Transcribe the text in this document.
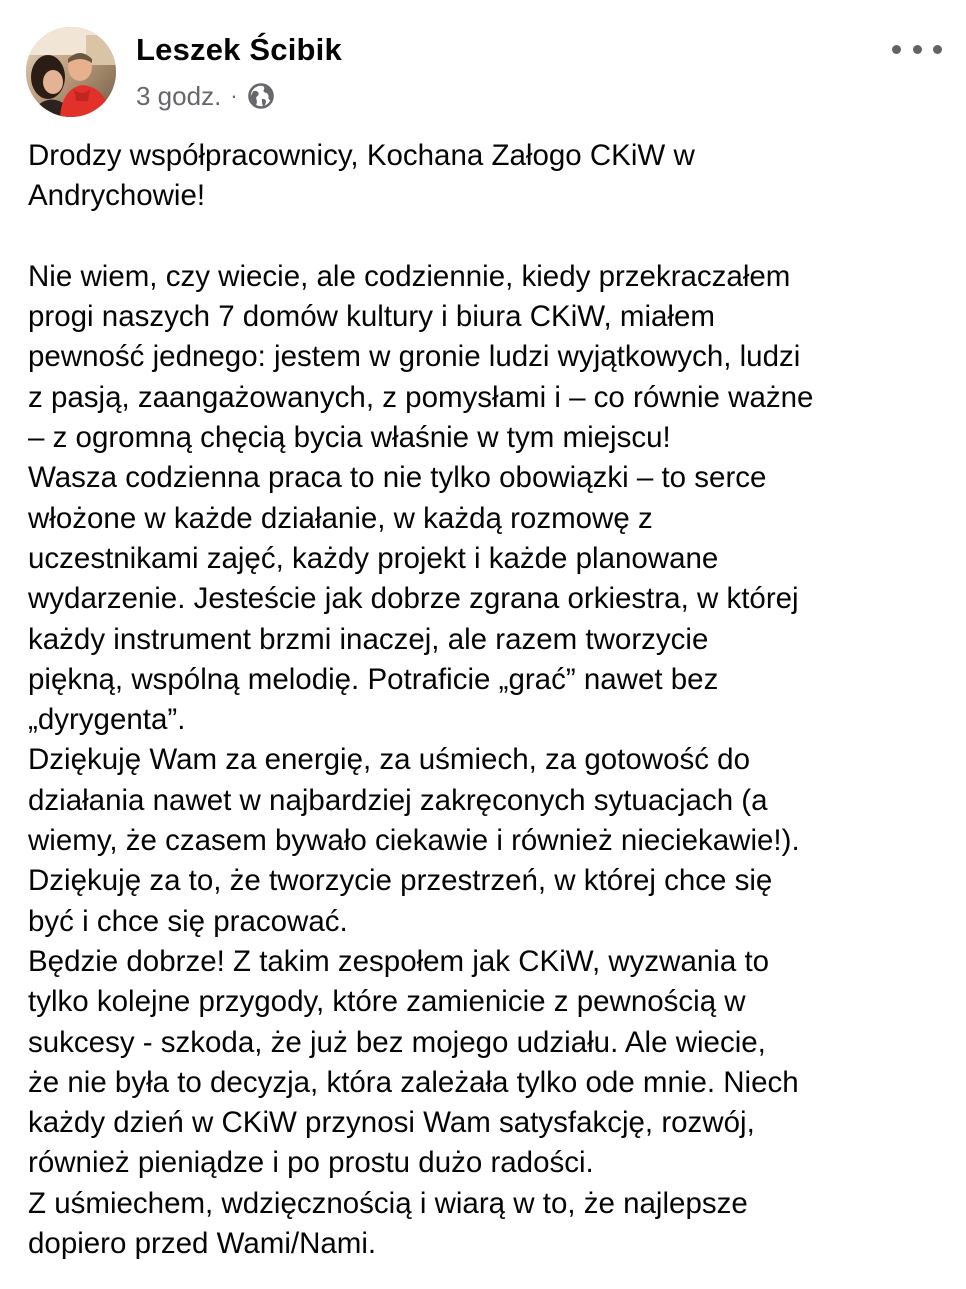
Leszek Ścibik
3 godz. ·
Drodzy współpracownicy, Kochana Załogo CKiW w
Andrychowie!
Nie wiem, czy wiecie, ale codziennie, kiedy przekraczałem
progi naszych 7 domów kultury i biura CKiW, miałem
pewność jednego: jestem w gronie ludzi wyjątkowych, ludzi
z pasją, zaangażowanych, z pomysłami i – co równie ważne
– z ogromną chęcią bycia właśnie w tym miejscu!
Wasza codzienna praca to nie tylko obowiązki – to serce
włożone w każde działanie, w każdą rozmowę z
uczestnikami zajęć, każdy projekt i każde planowane
wydarzenie. Jesteście jak dobrze zgrana orkiestra, w której
każdy instrument brzmi inaczej, ale razem tworzycie
piękną, wspólną melodię. Potraficie „grać” nawet bez
„dyrygenta”.
Dziękuję Wam za energię, za uśmiech, za gotowość do
działania nawet w najbardziej zakręconych sytuacjach (a
wiemy, że czasem bywało ciekawie i również nieciekawie!).
Dziękuję za to, że tworzycie przestrzeń, w której chce się
być i chce się pracować.
Będzie dobrze! Z takim zespołem jak CKiW, wyzwania to
tylko kolejne przygody, które zamienicie z pewnością w
sukcesy - szkoda, że już bez mojego udziału. Ale wiecie,
że nie była to decyzja, która zależała tylko ode mnie. Niech
każdy dzień w CKiW przynosi Wam satysfakcję, rozwój,
również pieniądze i po prostu dużo radości.
Z uśmiechem, wdzięcznością i wiarą w to, że najlepsze
dopiero przed Wami/Nami.
